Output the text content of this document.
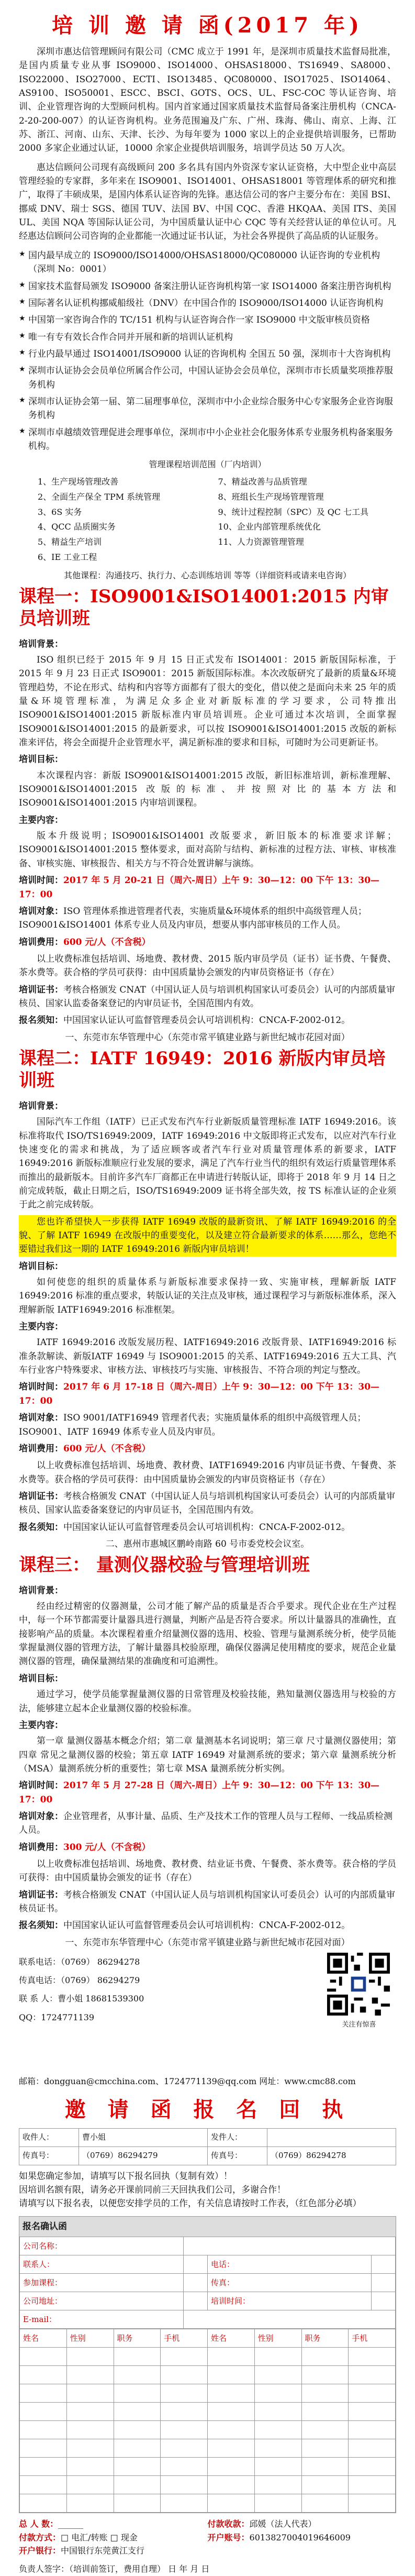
培 训 邀 请 函(2017 年)

深圳市惠达信管理顾问有限公司（CMC 成立于 1991 年，是深圳市质量技术监督局批准，是国内质量专业从事 ISO9000、ISO14000、OHSAS18000、TS16949、SA8000、ISO22000、ISO27000、ECTI、ISO13485、QC080000、ISO17025、ISO14064、AS9100、ISO50001、ESCC、BSCI、GOTS、OCS、UL、FSC-COC 等认证咨询、培训、企业管理咨询的大型顾问机构。国内首家通过国家质量技术监督局备案注册机构（CNCA-2-20-200-007）的认证咨询机构。业务范围遍及广东、广州、珠海、佛山、南京、上海、江苏、浙江、河南、山东、天津、长沙、为每年要为 1000 家以上的企业提供培训服务，已帮助 2000 多家企业通过认证，10000 余家企业提供培训服务，培训学员达 50 万人次。

惠达信顾问公司现有高级顾问 200 多名具有国内外资深专家认证资格，大中型企业中高层管理经验的专家群，多年来在 ISO9001、ISO14001、OHSAS18001 等管理体系的研究和推广，取得了丰硕成果，是国内体系认证咨询的先锋。惠达信公司的客户主要分布在：美国 BSI、挪威 DNV、瑞士 SGS、德国 TUV、法国 BV、中国 CQC、香港 HKQAA、美国 ITS、美国 UL、美国 NQA 等国际认证公司，为中国质量认证中心 CQC 等有关经营认证的单位认可。凡经惠达信顾问公司咨询的企业都能一次通过证书认证，为社会各界提供了高品质的认证服务。

★ 国内最早成立的 ISO9000/ISO14000/OHSAS18000/QC080000 认证咨询的专业机构（深圳 No：0001）

★ 国家技术监督局颁发 ISO9000 备案注册认证咨询机构第一家 ISO14000 备案注册咨询机构

★ 国际著名认证机构挪威船级社（DNV）在中国合作的 ISO9000/ISO14000 认证咨询机构

★ 中国第一家咨询合作的 TC/151 机构与认证咨询合作一家 ISO9000 中文版审核员资格

★ 唯一有专有效长合作合同并开展和新的培训认证机构

★ 行业内最早通过 ISO14001/ISO9000 认证的咨询机构 全国五 50 强，深圳市十大咨询机构

★ 深圳市认证协会会员单位所属合作公司，中国认证协会会员单位，深圳市市长质量奖项推荐服务机构

★ 深圳市认证协会第一届、第二届理事单位，深圳市中小企业综合服务中心专家服务企业咨询服务机构

★ 深圳市卓越绩效管理促进会理事单位，深圳市中小企业社会化服务体系专业服务机构备案服务机构。

管理课程培训范围（厂内培训）
1、生产现场管理改善	7、精益改善与品质管理
2、全面生产保全 TPM 系统管理	8、班组长生产现场管理管理
3、6S 实务	9、统计过程控制（SPC）及 QC 七工具
4、QCC 品质圈实务	10、企业内部管理系统优化
5、精益生产培训	11、人力资源管理管理
6、IE 工业工程
其他课程：沟通技巧、执行力、心态训练培训 等等（详细资料或请来电咨询）
课程一：ISO9001&ISO14001:2015 内审员培训班
培训背景：

ISO 组织已经于 2015 年 9 月 15 日正式发布 ISO14001：2015 新版国际标准，于 2015 年 9 月 23 日正式 ISO9001：2015 新版国际标准。本次改版研究了最新的质量&环境管理趋势，不论在形式、结构和内容等方面都有了很大的变化，借以使之是面向未来 25 年的质量&环境管理标准，为满足众多企业对新版标准的学习要求，公司特推出 ISO9001&ISO14001:2015 新版标准内审员培训班。企业可通过本次培训，全面掌握 ISO9001&ISO14001:2015 的最新要求，可以按 ISO9001&ISO14001:2015 改版的新标准来评估，将会全面提升企业管理水平，满足新标准的要求和目标，可随时为公司更新证书。

培训目标：

本次课程内容：新版 ISO9001&ISO14001:2015 改版，新旧标准培训，新标准理解、ISO9001&ISO14001:2015 改版的标准、并按照对比的基本方法和ISO9001&ISO14001:2015 内审培训课程。

主要内容：

版本升级说明；ISO9001&ISO14001 改版要求，新旧版本的标准要求详解；ISO9001&ISO14001:2015 整体要求，面对高阶与结构、新标准的过程方法、审核、审核准备、审核实施、审核报告、相关方与不符合处置讲解与演练。

培训时间：2017 年 5 月 20-21 日（周六-周日）上午 9：30—12：00 下午 13：30—17：00

培训对象：ISO 管理体系推进管理者代表，实施质量&环境体系的组织中高级管理人员；ISO9001&ISO14001 体系专业人员及内审员，想要从事内部审核员的工作人员。

培训费用：600 元/人（不含税）

以上收费标准包括培训、场地费、教材费、2015 版内审员学员（证书）证书费、午餐费、茶水费等。获合格的学员可获得：由中国质量协会颁发的内审员资格证书（存在）

培训证书：考核合格颁发 CNAT（中国认证人员与培训机构国家认可委员会）认可的内部质量审核员、国家认监委备案登记的内审员证书，全国范围内有效。

报名须知：中国国家认证认可监督管理委员会认可培训机构：CNCA-F-2002-012。

一、东莞市东华管理中心（东莞市常平镇建业路与新世纪城市花园对面）

课程二：IATF 16949：2016 新版内审员培训班
培训背景：

国际汽车工作组（IATF）已正式发布汽车行业新版质量管理标准 IATF 16949:2016。该标准将取代 ISO/TS16949:2009，IATF 16949:2016 中文版即将正式发布，以应对汽车行业快速变化的需求和挑战，为了适应顾客或者汽车行业对质量管理体系的新要求，IATF 16949:2016 新版标准顺应行业发展的要求，满足了汽车行业当代的组织有效运行质量管理体系而推出的最新版本。目前许多汽车厂商都正在申请进行转版认证，即将于 2018 年 9 月 14 日之前完成转版，截止日期之后，ISO/TS16949:2009 证书将全部失效，按 TS 标准认证的企业须于此之前完成转版。

您也许希望快人一步获得 IATF 16949 改版的最新资讯、了解 IATF 16949:2016 的全貌、了解 IATF 16949 在改版中的重要变化，以及建立符合最新要求的体系……那么，您绝不要错过我们这一期的 IATF 16949:2016 新版内审员培训！

培训目标：

如何使您的组织的质量体系与新版标准要求保持一致、实施审核，理解新版 IATF 16949:2016 标准的重点要求，转版认证的关注点及审核，通过课程学习与新版标准体系，深入理解新版 IATF16949:2016 标准框架。

主要内容：

IATF 16949:2016 改版发展历程、IATF16949:2016 改版背景、IATF16949:2016 标准条款解读、新版IATF 16949 与 ISO9001:2015 的关系、IATF16949:2016 五大工具、汽车行业客户特殊要求、审核方法、审核技巧与实施、审核报告、不符合项的判定与整改。

培训时间：2017 年 6 月 17-18 日（周六-周日）上午 9：30—12：00 下午 13：30—17：00

培训对象：ISO 9001/IATF16949 管理者代表；实施质量体系的组织中高级管理人员；ISO9001、IATF 16949 体系专业人员及内审员。

培训费用：600 元/人（不含税）

以上收费标准包括培训、场地费、教材费、IATF16949:2016 内审员证书费、午餐费、茶水费等。获合格的学员可获得：由中国质量协会颁发的内审员资格证书（存在）

培训证书：考核合格颁发 CNAT（中国认证人员与培训机构国家认可委员会）认可的内部质量审核员、国家认监委备案登记的内审员证书，全国范围内有效。

报名须知：中国国家认证认可监督管理委员会认可培训机构：CNCA-F-2002-012。

二、惠州市惠城区鹏岭南路 60 号市委党校会议室。

课程三： 量测仪器校验与管理培训班
培训背景：

经由经过精密的仪器测量，公司才能了解产品的质量是否合乎要求。现代企业在生产过程中，每一个环节都需要计量器具进行测量，判断产品是否符合要求。所以计量器具的准确性，直接影响产品的质量。本次课程着重介绍量测仪器的选用、校验、管理与量测系统分析，使学员能掌握量测仪器的管理方法，了解计量器具校验原理，确保仪器满足使用精度的要求，规范企业量测仪器的管理，确保量测结果的准确度和可追溯性。

培训目标：

通过学习，使学员能掌握量测仪器的日常管理及校验技能，熟知量测仪器选用与校验的方法，能够建立起本企业量测仪器的校验标准。

主要内容：

第一章 量测仪器基本概念介绍；第二章 量测基本名词说明；第三章 尺寸量测仪器使用；第四章 常见之量测仪器的校验；第五章 IATF 16949 对量测系统的要求；第六章 量测系统分析（MSA）量测系统分析的重要性；第七章 MSA 量测系统分析实例。

培训时间：2017 年 5 月 27-28 日（周六-周日）上午 9：30—12：00 下午 13：30—17：00

培训对象：企业管理者，从事计量、品质、生产及技术工作的管理人员与工程师、一线品质检测人员。

培训费用：300 元/人（不含税）

以上收费标准包括培训、场地费、教材费、结业证书费、午餐费、茶水费等。获合格的学员可获得：由中国质量协会颁发的证书（存在）

培训证书：考核合格颁发 CNAT（中国认证人员与培训机构国家认可委员会）认可的内部质量审核员证书。

报名须知：中国国家认证认可监督管理委员会认可培训机构：CNCA-F-2002-012。

一、东莞市东华管理中心（东莞市常平镇建业路与新世纪城市花园对面）

联系电话：（0769） 86294278
传真电话：（0769） 86294279
联 系 人：曹小姐 18681539300
QQ：1724771139
关注有惊喜
邮箱：dongguan@cmcchina.com、1724771139@qq.com 网址：www.cmc88.com
邀 请 函 报 名 回 执
收件人：	曹小姐	发件人：	
传真号：	（0769）86294279	传真号：	（0769）86294278
如果您确定参加，请填写以下报名回执（复制有效）！
因培训名额有限，请务必开课前同前三天回执我们公司，多谢合作！
请填写以下报名表，以便您安排学员的工作，有关信息请按时工作表，（红色部分必填）
报名确认函
公司名称：			
联系人：		电话：	
参加课程：		传真：	
公司地址：		培训时间：	
E-mail：			
姓名	性别	职务	手机	姓名	性别	职务	手机

总 人 数：______	付款收款：邱媛（法人代表）
付款方式：□ 电汇/转账 □ 现金	开户账号：6013827004019646009
开户银行：中国银行东莞黄江支行
负责人签字：（培训前签订，费用自理） 日 年 月 日
